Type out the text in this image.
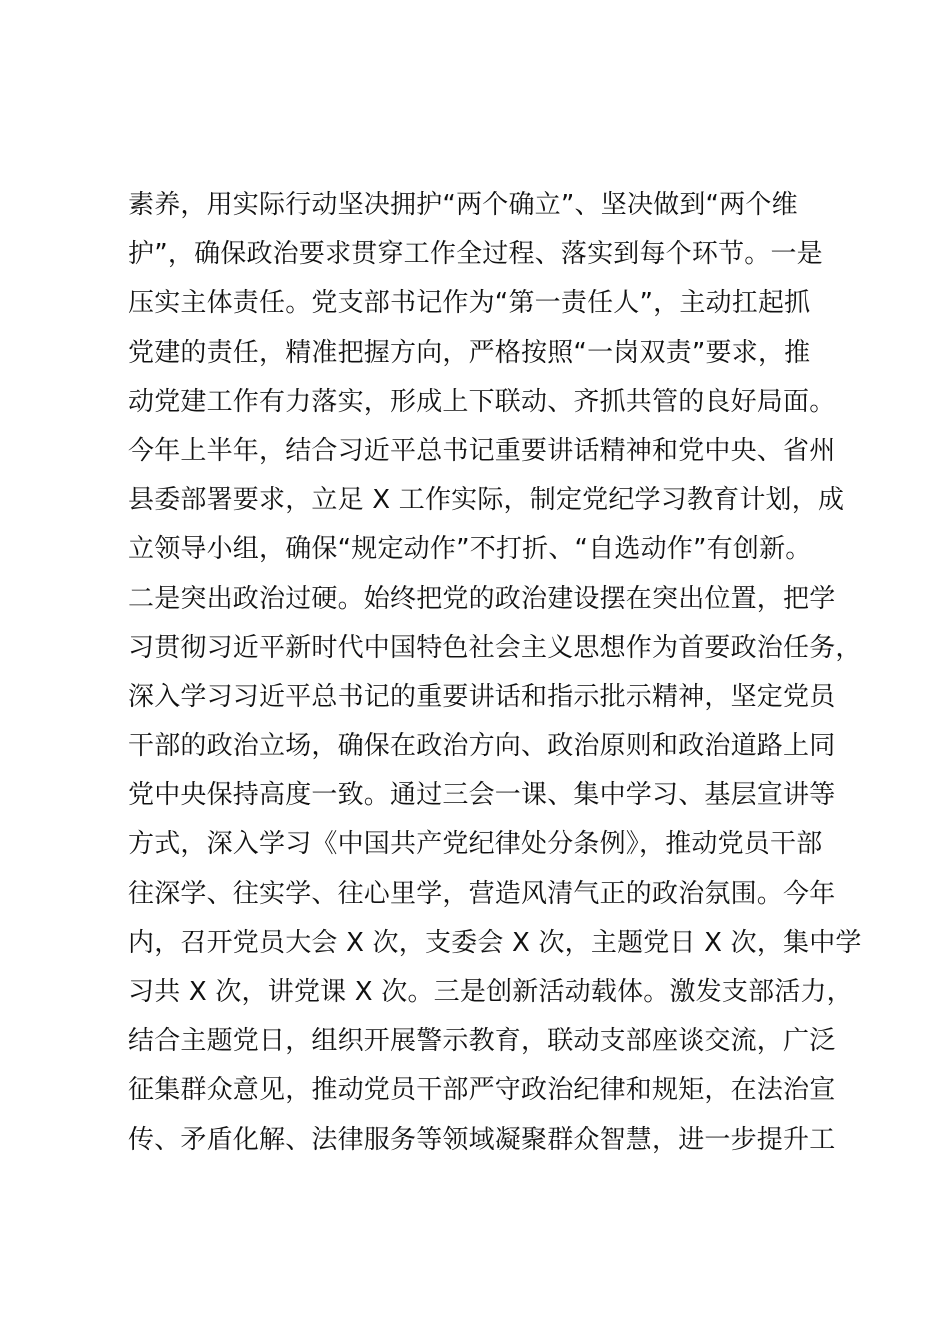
素养，用实际行动坚决拥护“两个确立”、坚决做到“两个维
护”，确保政治要求贯穿工作全过程、落实到每个环节。一是
压实主体责任。党支部书记作为“第一责任人”，主动扛起抓
党建的责任，精准把握方向，严格按照“一岗双责”要求，推
动党建工作有力落实，形成上下联动、齐抓共管的良好局面。
今年上半年，结合习近平总书记重要讲话精神和党中央、省州
县委部署要求，立足 X 工作实际，制定党纪学习教育计划，成
立领导小组，确保“规定动作”不打折、“自选动作”有创新。
二是突出政治过硬。始终把党的政治建设摆在突出位置，把学
习贯彻习近平新时代中国特色社会主义思想作为首要政治任务，
深入学习习近平总书记的重要讲话和指示批示精神，坚定党员
干部的政治立场，确保在政治方向、政治原则和政治道路上同
党中央保持高度一致。通过三会一课、集中学习、基层宣讲等
方式，深入学习《中国共产党纪律处分条例》，推动党员干部
往深学、往实学、往心里学，营造风清气正的政治氛围。今年
内，召开党员大会 X 次，支委会 X 次，主题党日 X 次，集中学
习共 X 次，讲党课 X 次。三是创新活动载体。激发支部活力，
结合主题党日，组织开展警示教育，联动支部座谈交流，广泛
征集群众意见，推动党员干部严守政治纪律和规矩，在法治宣
传、矛盾化解、法律服务等领域凝聚群众智慧，进一步提升工
